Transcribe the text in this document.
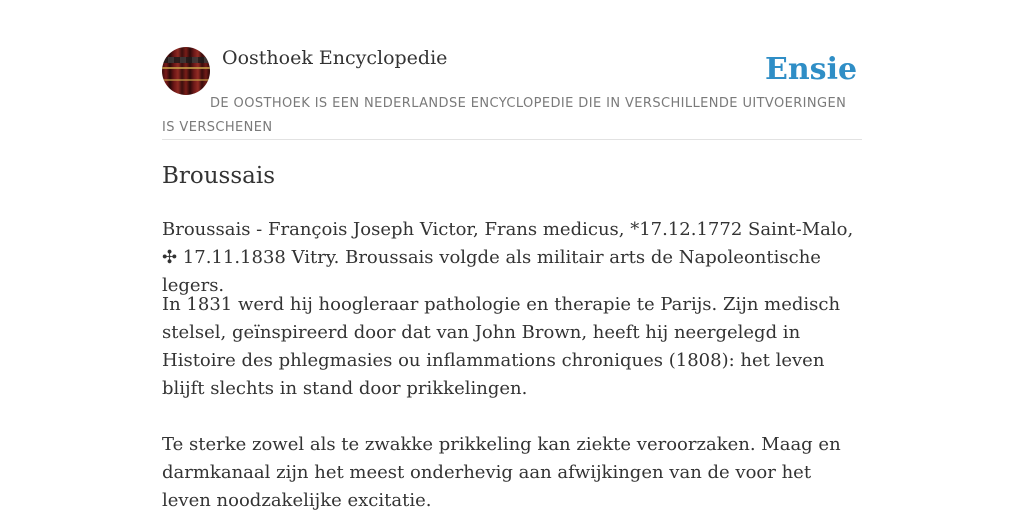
Oosthoek Encyclopedie	Ensie
DE OOSTHOEK IS EEN NEDERLANDSE ENCYCLOPEDIE DIE IN VERSCHILLENDE UITVOERINGEN IS VERSCHENEN
Broussais

Broussais - François Joseph Victor, Frans medicus, *17.12.1772 Saint-Malo, ✣ 17.11.1838 Vitry. Broussais volgde als militair arts de Napoleontische legers.

In 1831 werd hij hoogleraar pathologie en therapie te Parijs. Zijn medisch stelsel, geïnspireerd door dat van John Brown, heeft hij neergelegd in Histoire des phlegmasies ou inflammations chroniques (1808): het leven blijft slechts in stand door prikkelingen.

Te sterke zowel als te zwakke prikkeling kan ziekte veroorzaken. Maag en darmkanaal zijn het meest onderhevig aan afwijkingen van de voor het leven noodzakelijke excitatie.
